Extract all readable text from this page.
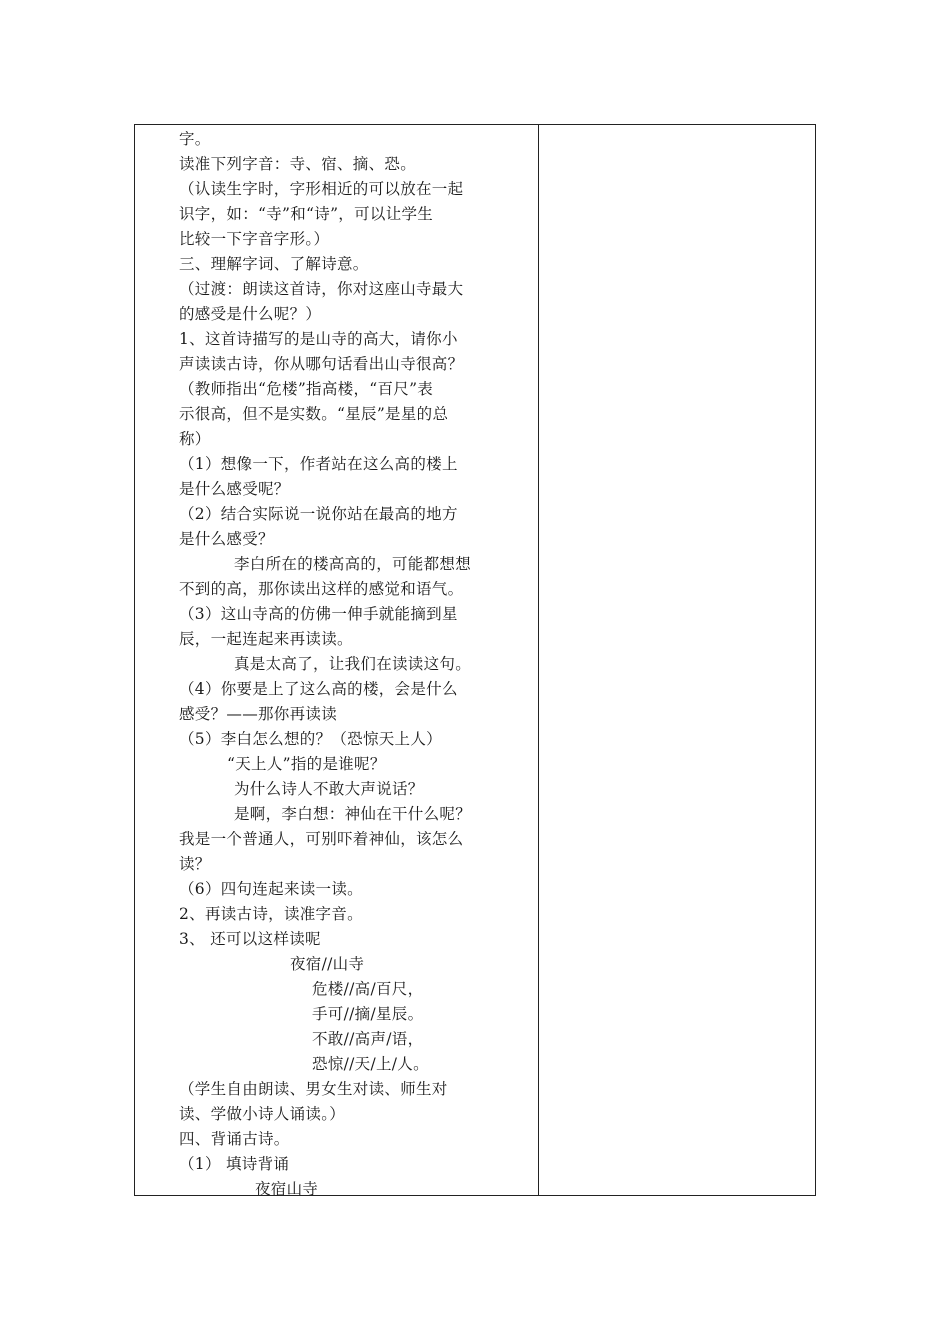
字。
读准下列字音：寺、宿、摘、恐。
（认读生字时，字形相近的可以放在一起
识字，如：“寺”和“诗”，可以让学生
比较一下字音字形。）
三、理解字词、了解诗意。
（过渡：朗读这首诗，你对这座山寺最大
的感受是什么呢？）
1、这首诗描写的是山寺的高大，请你小
声读读古诗，你从哪句话看出山寺很高？
（教师指出“危楼”指高楼，“百尺”表
示很高，但不是实数。“星辰”是星的总
称）
（1）想像一下，作者站在这么高的楼上
是什么感受呢？
（2）结合实际说一说你站在最高的地方
是什么感受？
李白所在的楼高高的，可能都想想
不到的高，那你读出这样的感觉和语气。
（3）这山寺高的仿佛一伸手就能摘到星
辰，一起连起来再读读。
真是太高了，让我们在读读这句。
（4）你要是上了这么高的楼，会是什么
感受？——那你再读读
（5）李白怎么想的？（恐惊天上人）
“天上人”指的是谁呢？
为什么诗人不敢大声说话？
是啊，李白想：神仙在干什么呢？
我是一个普通人，可别吓着神仙，该怎么
读？
（6）四句连起来读一读。
2、再读古诗，读准字音。
3、 还可以这样读呢
夜宿//山寺
危楼//高/百尺，
手可//摘/星辰。
不敢//高声/语，
恐惊//天/上/人。
（学生自由朗读、男女生对读、师生对
读、学做小诗人诵读。）
四、背诵古诗。
（1） 填诗背诵
夜宿山寺
